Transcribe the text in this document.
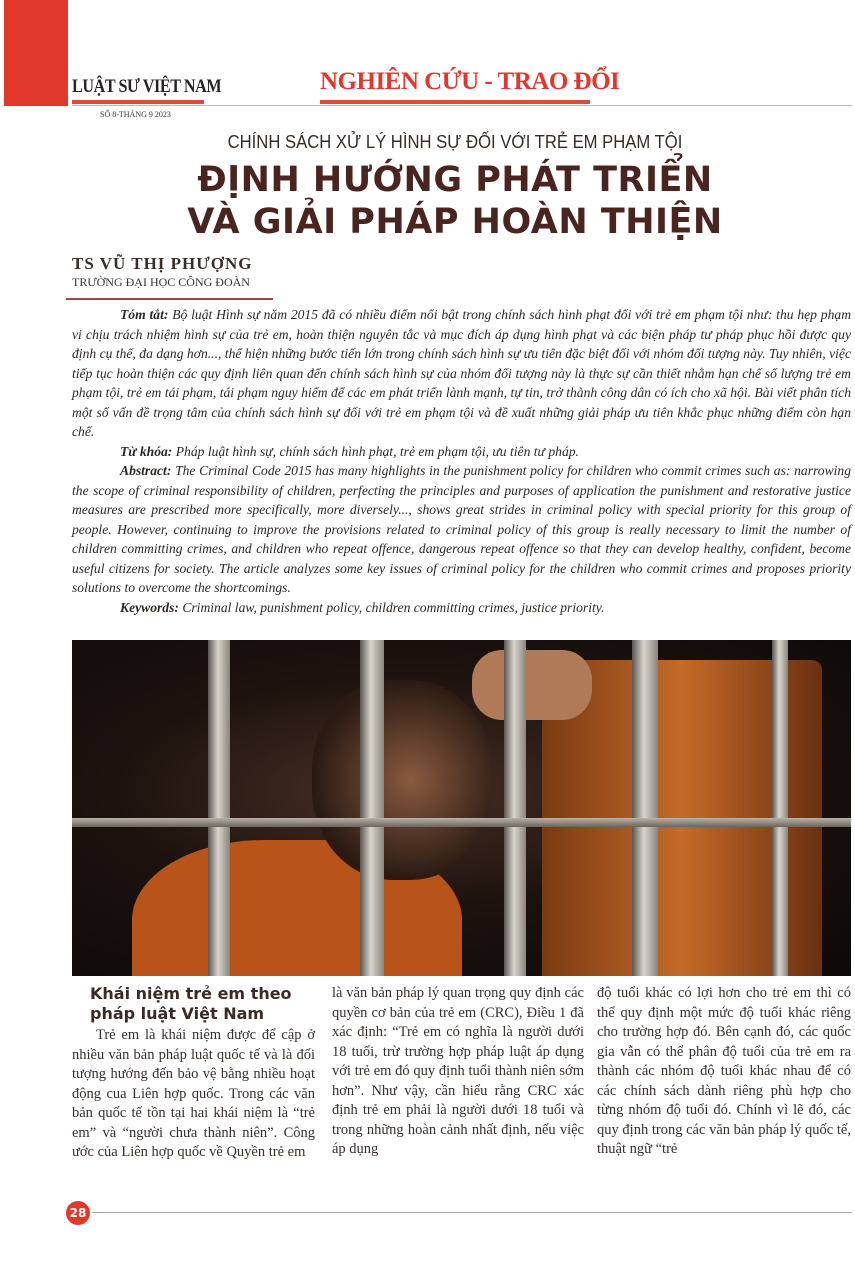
LUẬT SƯ VIỆT NAM	NGHIÊN CỨU - TRAO ĐỔI
SỐ 8-THÁNG 9 2023
CHÍNH SÁCH XỬ LÝ HÌNH SỰ ĐỐI VỚI TRẺ EM PHẠM TỘI
ĐỊNH HƯỚNG PHÁT TRIỂN
VÀ GIẢI PHÁP HOÀN THIỆN
TS VŨ THỊ PHƯỢNG
TRƯỜNG ĐẠI HỌC CÔNG ĐOÀN

Tóm tắt: Bộ luật Hình sự năm 2015 đã có nhiều điểm nổi bật trong chính sách hình phạt đối với trẻ em phạm tội như: thu hẹp phạm vi chịu trách nhiệm hình sự của trẻ em, hoàn thiện nguyên tắc và mục đích áp dụng hình phạt và các biện pháp tư pháp phục hồi được quy định cụ thể, đa dạng hơn..., thể hiện những bước tiến lớn trong chính sách hình sự ưu tiên đặc biệt đối với nhóm đối tượng này. Tuy nhiên, việc tiếp tục hoàn thiện các quy định liên quan đến chính sách hình sự của nhóm đối tượng này là thực sự cần thiết nhằm hạn chế số lượng trẻ em phạm tội, trẻ em tái phạm, tái phạm nguy hiểm để các em phát triển lành mạnh, tự tin, trở thành công dân có ích cho xã hội. Bài viết phân tích một số vấn đề trọng tâm của chính sách hình sự đối với trẻ em phạm tội và đề xuất những giải pháp ưu tiên khắc phục những điểm còn hạn chế.

Từ khóa: Pháp luật hình sự, chính sách hình phạt, trẻ em phạm tội, ưu tiên tư pháp.

Abstract: The Criminal Code 2015 has many highlights in the punishment policy for children who commit crimes such as: narrowing the scope of criminal responsibility of children, perfecting the principles and purposes of application the punishment and restorative justice measures are prescribed more specifically, more diversely..., shows great strides in criminal policy with special priority for this group of people. However, continuing to improve the provisions related to criminal policy of this group is really necessary to limit the number of children committing crimes, and children who repeat offence, dangerous repeat offence so that they can develop healthy, confident, become useful citizens for society. The article analyzes some key issues of criminal policy for the children who commit crimes and proposes priority solutions to overcome the shortcomings.

Keywords: Criminal law, punishment policy, children committing crimes, justice priority.

Khái niệm trẻ em theo pháp luật Việt Nam

Trẻ em là khái niệm được để cập ở nhiều văn bản pháp luật quốc tế và là đối tượng hướng đến bảo vệ bằng nhiều hoạt động cua Liên hợp quốc. Trong các văn bản quốc tế tồn tại hai khái niệm là “trẻ em” và “người chưa thành niên”. Công ước của Liên hợp quốc về Quyền trẻ em

là văn bản pháp lý quan trọng quy định các quyền cơ bản của trẻ em (CRC), Điều 1 đã xác định: “Trẻ em có nghĩa là người dưới 18 tuổi, trừ trường hợp pháp luật áp dụng với trẻ em đó quy định tuổi thành niên sớm hơn”. Như vậy, cần hiểu rằng CRC xác định trẻ em phải là người dưới 18 tuổi và trong những hoàn cảnh nhất định, nếu việc áp dụng

độ tuổi khác có lợi hơn cho trẻ em thì có thể quy định một mức độ tuổi khác riêng cho trường hợp đó. Bên cạnh đó, các quốc gia vẫn có thể phân độ tuổi của trẻ em ra thành các nhóm độ tuổi khác nhau để có các chính sách dành riêng phù hợp cho từng nhóm độ tuổi đó. Chính vì lẽ đó, các quy định trong các văn bản pháp lý quốc tế, thuật ngữ “trẻ

28
